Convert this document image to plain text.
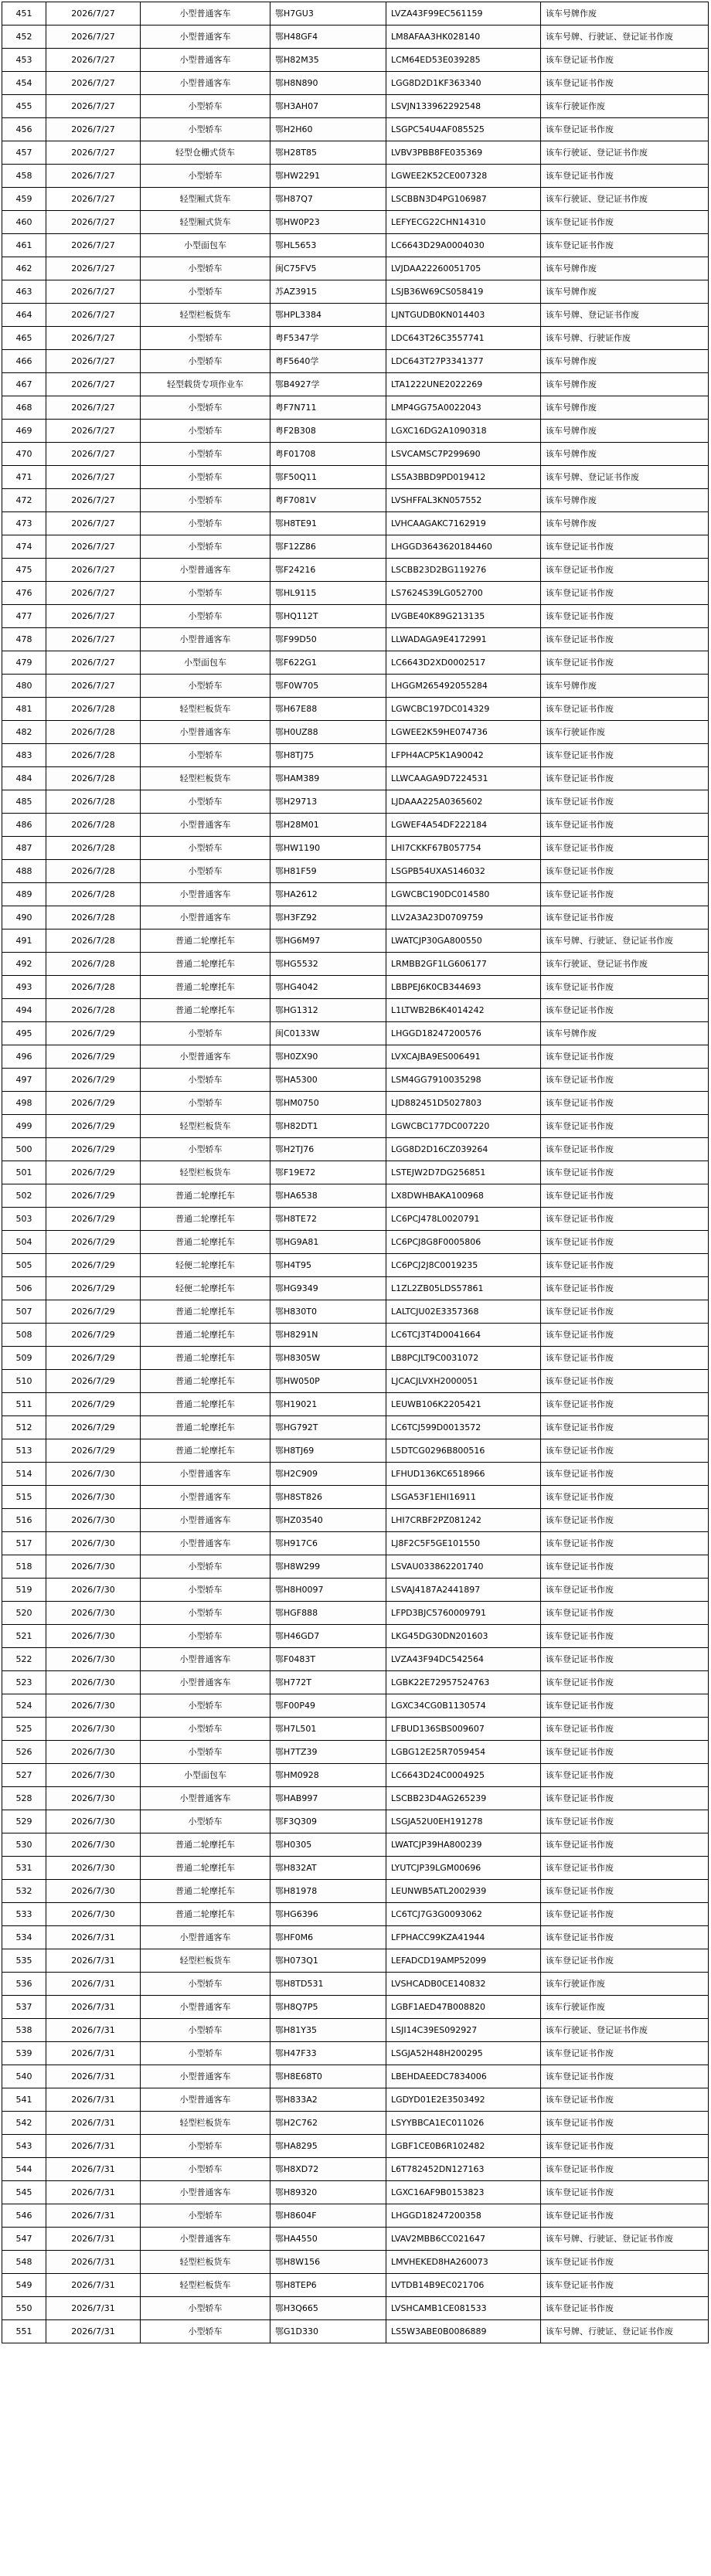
451	2026/7/27	小型普通客车	鄂H7GU3	LVZA43F99EC561159	该车号牌作废
452	2026/7/27	小型普通客车	鄂H48GF4	LM8AFAA3HK028140	该车号牌、行驶证、登记证书作废
453	2026/7/27	小型普通客车	鄂H82M35	LCM64ED53E039285	该车登记证书作废
454	2026/7/27	小型普通客车	鄂H8N890	LGG8D2D1KF363340	该车登记证书作废
455	2026/7/27	小型轿车	鄂H3AH07	LSVJN133962292548	该车行驶证作废
456	2026/7/27	小型轿车	鄂H2H60	LSGPC54U4AF085525	该车登记证书作废
457	2026/7/27	轻型仓栅式货车	鄂H28T85	LVBV3PBB8FE035369	该车行驶证、登记证书作废
458	2026/7/27	小型轿车	鄂HW2291	LGWEE2K52CE007328	该车登记证书作废
459	2026/7/27	轻型厢式货车	鄂H87Q7	LSCBBN3D4PG106987	该车行驶证、登记证书作废
460	2026/7/27	轻型厢式货车	鄂HW0P23	LEFYECG22CHN14310	该车登记证书作废
461	2026/7/27	小型面包车	鄂HL5653	LC6643D29A0004030	该车登记证书作废
462	2026/7/27	小型轿车	闽C75FV5	LVJDAA22260051705	该车号牌作废
463	2026/7/27	小型轿车	苏AZ3915	LSJB36W69CS058419	该车号牌作废
464	2026/7/27	轻型栏板货车	鄂HPL3384	LJNTGUDB0KN014403	该车号牌、登记证书作废
465	2026/7/27	小型轿车	粤F5347学	LDC643T26C3557741	该车号牌、行驶证作废
466	2026/7/27	小型轿车	粤F5640学	LDC643T27P3341377	该车号牌作废
467	2026/7/27	轻型载货专项作业车	鄂B4927学	LTA1222UNE2022269	该车号牌作废
468	2026/7/27	小型轿车	粤F7N711	LMP4GG75A0022043	该车号牌作废
469	2026/7/27	小型轿车	粤F2B308	LGXC16DG2A1090318	该车号牌作废
470	2026/7/27	小型轿车	粤F01708	LSVCAMSC7P299690	该车号牌作废
471	2026/7/27	小型轿车	鄂F50Q11	LS5A3BBD9PD019412	该车号牌、登记证书作废
472	2026/7/27	小型轿车	粤F7081V	LVSHFFAL3KN057552	该车号牌作废
473	2026/7/27	小型轿车	鄂H8TE91	LVHCAAGAKC7162919	该车号牌作废
474	2026/7/27	小型轿车	鄂F12Z86	LHGGD3643620184460	该车登记证书作废
475	2026/7/27	小型普通客车	鄂F24216	LSCBB23D2BG119276	该车登记证书作废
476	2026/7/27	小型轿车	鄂HL9115	LS7624S39LG052700	该车登记证书作废
477	2026/7/27	小型轿车	鄂HQ112T	LVGBE40K89G213135	该车登记证书作废
478	2026/7/27	小型普通客车	鄂F99D50	LLWADAGA9E4172991	该车登记证书作废
479	2026/7/27	小型面包车	鄂F622G1	LC6643D2XD0002517	该车登记证书作废
480	2026/7/27	小型轿车	鄂F0W705	LHGGM265492055284	该车号牌作废
481	2026/7/28	轻型栏板货车	鄂H67E88	LGWCBC197DC014329	该车登记证书作废
482	2026/7/28	小型普通客车	鄂H0UZ88	LGWEE2K59HE074736	该车行驶证作废
483	2026/7/28	小型轿车	鄂H8TJ75	LFPH4ACP5K1A90042	该车登记证书作废
484	2026/7/28	轻型栏板货车	鄂HAM389	LLWCAAGA9D7224531	该车登记证书作废
485	2026/7/28	小型轿车	鄂H29713	LJDAAA225A0365602	该车登记证书作废
486	2026/7/28	小型普通客车	鄂H28M01	LGWEF4A54DF222184	该车登记证书作废
487	2026/7/28	小型轿车	鄂HW1190	LHI7CKKF67B057754	该车登记证书作废
488	2026/7/28	小型轿车	鄂H81F59	LSGPB54UXAS146032	该车登记证书作废
489	2026/7/28	小型普通客车	鄂HA2612	LGWCBC190DC014580	该车登记证书作废
490	2026/7/28	小型普通客车	鄂H3FZ92	LLV2A3A23D0709759	该车登记证书作废
491	2026/7/28	普通二轮摩托车	鄂HG6M97	LWATCJP30GA800550	该车号牌、行驶证、登记证书作废
492	2026/7/28	普通二轮摩托车	鄂HG5532	LRMBB2GF1LG606177	该车行驶证、登记证书作废
493	2026/7/28	普通二轮摩托车	鄂HG4042	LBBPEJ6K0CB344693	该车登记证书作废
494	2026/7/28	普通二轮摩托车	鄂HG1312	L1LTWB2B6K4014242	该车登记证书作废
495	2026/7/29	小型轿车	闽C0133W	LHGGD18247200576	该车号牌作废
496	2026/7/29	小型普通客车	鄂H0ZX90	LVXCAJBA9ES006491	该车登记证书作废
497	2026/7/29	小型轿车	鄂HA5300	LSM4GG7910035298	该车登记证书作废
498	2026/7/29	小型轿车	鄂HM0750	LJD882451D5027803	该车登记证书作废
499	2026/7/29	轻型栏板货车	鄂H82DT1	LGWCBC177DC007220	该车登记证书作废
500	2026/7/29	小型轿车	鄂H2TJ76	LGG8D2D16CZ039264	该车登记证书作废
501	2026/7/29	轻型栏板货车	鄂F19E72	LSTEJW2D7DG256851	该车登记证书作废
502	2026/7/29	普通二轮摩托车	鄂HA6538	LX8DWHBAKA100968	该车登记证书作废
503	2026/7/29	普通二轮摩托车	鄂H8TE72	LC6PCJ478L0020791	该车登记证书作废
504	2026/7/29	普通二轮摩托车	鄂HG9A81	LC6PCJ8G8F0005806	该车登记证书作废
505	2026/7/29	轻便二轮摩托车	鄂H4T95	LC6PCJ2J8C0019235	该车登记证书作废
506	2026/7/29	轻便二轮摩托车	鄂HG9349	L1ZL2ZB05LDS57861	该车登记证书作废
507	2026/7/29	普通二轮摩托车	鄂H830T0	LALTCJU02E3357368	该车登记证书作废
508	2026/7/29	普通二轮摩托车	鄂H8291N	LC6TCJ3T4D0041664	该车登记证书作废
509	2026/7/29	普通二轮摩托车	鄂H8305W	LB8PCJLT9C0031072	该车登记证书作废
510	2026/7/29	普通二轮摩托车	鄂HW050P	LJCACJLVXH2000051	该车登记证书作废
511	2026/7/29	普通二轮摩托车	鄂H19021	LEUWB106K2205421	该车登记证书作废
512	2026/7/29	普通二轮摩托车	鄂HG792T	LC6TCJ599D0013572	该车登记证书作废
513	2026/7/29	普通二轮摩托车	鄂H8TJ69	L5DTCG0296B800516	该车登记证书作废
514	2026/7/30	小型普通客车	鄂H2C909	LFHUD136KC6518966	该车登记证书作废
515	2026/7/30	小型普通客车	鄂H8ST826	LSGA53F1EHI16911	该车登记证书作废
516	2026/7/30	小型普通客车	鄂HZ03540	LHI7CRBF2PZ081242	该车登记证书作废
517	2026/7/30	小型普通客车	鄂H917C6	LJ8F2C5F5GE101550	该车登记证书作废
518	2026/7/30	小型轿车	鄂H8W299	LSVAU033862201740	该车登记证书作废
519	2026/7/30	小型轿车	鄂H8H0097	LSVAJ4187A2441897	该车登记证书作废
520	2026/7/30	小型轿车	鄂HGF888	LFPD3BJC5760009791	该车登记证书作废
521	2026/7/30	小型轿车	鄂H46GD7	LKG45DG30DN201603	该车登记证书作废
522	2026/7/30	小型普通客车	鄂F0483T	LVZA43F94DC542564	该车登记证书作废
523	2026/7/30	小型普通客车	鄂H772T	LGBK22E72957524763	该车登记证书作废
524	2026/7/30	小型轿车	鄂F00P49	LGXC34CG0B1130574	该车登记证书作废
525	2026/7/30	小型轿车	鄂H7L501	LFBUD136SBS009607	该车登记证书作废
526	2026/7/30	小型轿车	鄂H7TZ39	LGBG12E25R7059454	该车登记证书作废
527	2026/7/30	小型面包车	鄂HM0928	LC6643D24C0004925	该车登记证书作废
528	2026/7/30	小型普通客车	鄂HAB997	LSCBB23D4AG265239	该车登记证书作废
529	2026/7/30	小型轿车	鄂F3Q309	LSGJA52U0EH191278	该车登记证书作废
530	2026/7/30	普通二轮摩托车	鄂H0305	LWATCJP39HA800239	该车登记证书作废
531	2026/7/30	普通二轮摩托车	鄂H832AT	LYUTCJP39LGM00696	该车登记证书作废
532	2026/7/30	普通二轮摩托车	鄂H81978	LEUNWB5ATL2002939	该车登记证书作废
533	2026/7/30	普通二轮摩托车	鄂HG6396	LC6TCJ7G3G0093062	该车登记证书作废
534	2026/7/31	小型普通客车	鄂HF0M6	LFPHACC99KZA41944	该车登记证书作废
535	2026/7/31	轻型栏板货车	鄂H073Q1	LEFADCD19AMP52099	该车登记证书作废
536	2026/7/31	小型轿车	鄂H8TD531	LVSHCADB0CE140832	该车行驶证作废
537	2026/7/31	小型普通客车	鄂H8Q7P5	LGBF1AED47B008820	该车行驶证作废
538	2026/7/31	小型轿车	鄂H81Y35	LSJI14C39ES092927	该车行驶证、登记证书作废
539	2026/7/31	小型轿车	鄂H47F33	LSGJA52H48H200295	该车登记证书作废
540	2026/7/31	小型普通客车	鄂H8E68T0	LBEHDAEEDC7834006	该车登记证书作废
541	2026/7/31	小型普通客车	鄂H833A2	LGDYD01E2E3503492	该车登记证书作废
542	2026/7/31	轻型栏板货车	鄂H2C762	LSYYBBCA1EC011026	该车登记证书作废
543	2026/7/31	小型轿车	鄂HA8295	LGBF1CE0B6R102482	该车登记证书作废
544	2026/7/31	小型轿车	鄂H8XD72	L6T782452DN127163	该车登记证书作废
545	2026/7/31	小型普通客车	鄂H89320	LGXC16AF9B0153823	该车登记证书作废
546	2026/7/31	小型轿车	鄂H8604F	LHGGD18247200358	该车登记证书作废
547	2026/7/31	小型普通客车	鄂HA4550	LVAV2MBB6CC021647	该车号牌、行驶证、登记证书作废
548	2026/7/31	轻型栏板货车	鄂H8W156	LMVHEKED8HA260073	该车登记证书作废
549	2026/7/31	轻型栏板货车	鄂H8TEP6	LVTDB14B9EC021706	该车登记证书作废
550	2026/7/31	小型轿车	鄂H3Q665	LVSHCAMB1CE081533	该车登记证书作废
551	2026/7/31	小型轿车	鄂G1D330	LS5W3ABE0B0086889	该车号牌、行驶证、登记证书作废
